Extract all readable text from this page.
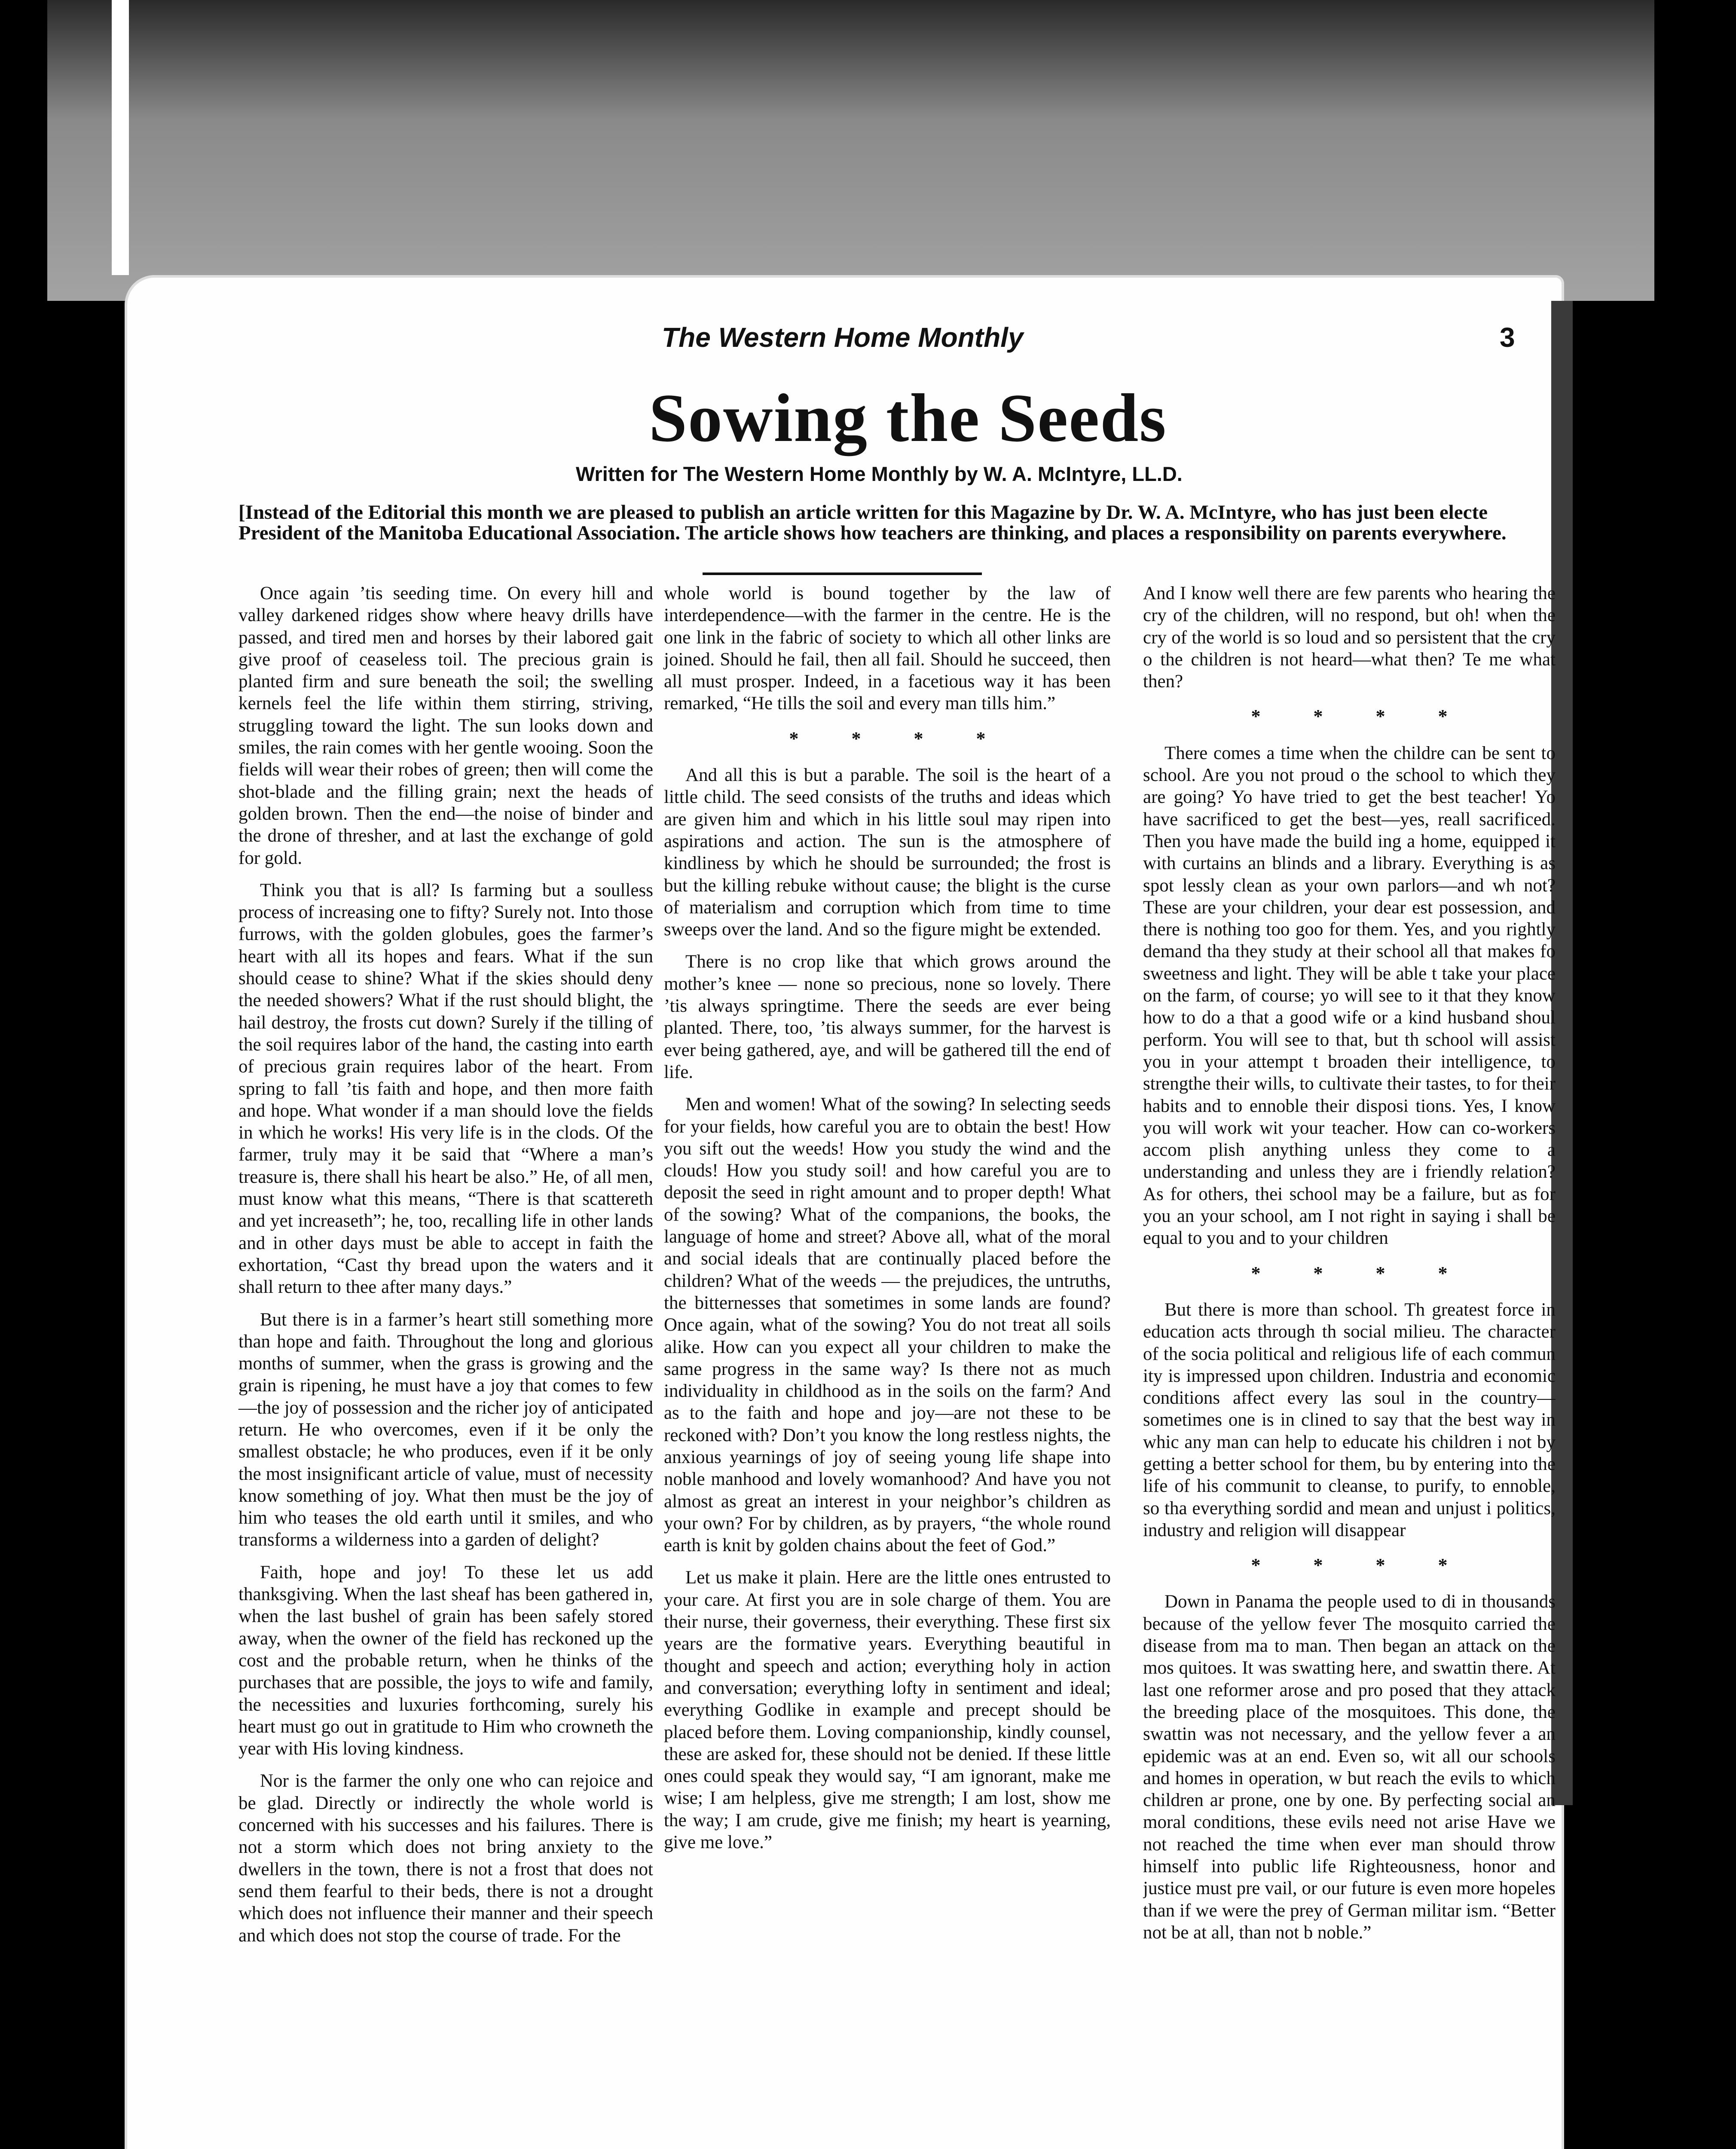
The Western Home Monthly	3
Sowing the Seeds
Written for The Western Home Monthly by W. A. McIntyre, LL.D.
[Instead of the Editorial this month we are pleased to publish an article written for this Magazine by Dr. W. A. McIntyre, who has just been electe
President of the Manitoba Educational Association. The article shows how teachers are thinking, and places a responsibility on parents everywhere.

Once again ’tis seeding time. On every hill and valley darkened ridges show where heavy drills have passed, and tired men and horses by their labored gait give proof of ceaseless toil. The precious grain is planted firm and sure beneath the soil; the swelling kernels feel the life within them stirring, striving, struggling toward the light. The sun looks down and smiles, the rain comes with her gentle wooing. Soon the fields will wear their robes of green; then will come the shot-blade and the filling grain; next the heads of golden brown. Then the end—the noise of binder and the drone of thresher, and at last the exchange of gold for gold.

Think you that is all? Is farming but a soulless process of increasing one to fifty? Surely not. Into those furrows, with the golden globules, goes the farmer’s heart with all its hopes and fears. What if the sun should cease to shine? What if the skies should deny the needed showers? What if the rust should blight, the hail destroy, the frosts cut down? Surely if the tilling of the soil requires labor of the hand, the casting into earth of precious grain requires labor of the heart. From spring to fall ’tis faith and hope, and then more faith and hope. What wonder if a man should love the fields in which he works! His very life is in the clods. Of the farmer, truly may it be said that “Where a man’s treasure is, there shall his heart be also.” He, of all men, must know what this means, “There is that scattereth and yet increaseth”; he, too, recalling life in other lands and in other days must be able to accept in faith the exhortation, “Cast thy bread upon the waters and it shall return to thee after many days.”

But there is in a farmer’s heart still something more than hope and faith. Throughout the long and glorious months of summer, when the grass is growing and the grain is ripening, he must have a joy that comes to few—the joy of possession and the richer joy of anticipated return. He who overcomes, even if it be only the smallest obstacle; he who produces, even if it be only the most insignificant article of value, must of necessity know something of joy. What then must be the joy of him who teases the old earth until it smiles, and who transforms a wilderness into a garden of delight?

Faith, hope and joy! To these let us add thanksgiving. When the last sheaf has been gathered in, when the last bushel of grain has been safely stored away, when the owner of the field has reckoned up the cost and the probable return, when he thinks of the purchases that are possible, the joys to wife and family, the necessities and luxuries forthcoming, surely his heart must go out in gratitude to Him who crowneth the year with His loving kindness.

Nor is the farmer the only one who can rejoice and be glad. Directly or indirectly the whole world is concerned with his successes and his failures. There is not a storm which does not bring anxiety to the dwellers in the town, there is not a frost that does not send them fearful to their beds, there is not a drought which does not influence their manner and their speech and which does not stop the course of trade. For the

whole world is bound together by the law of interdependence—with the farmer in the centre. He is the one link in the fabric of society to which all other links are joined. Should he fail, then all fail. Should he succeed, then all must prosper. Indeed, in a facetious way it has been remarked, “He tills the soil and every man tills him.”

* * * *

And all this is but a parable. The soil is the heart of a little child. The seed consists of the truths and ideas which are given him and which in his little soul may ripen into aspirations and action. The sun is the atmosphere of kindliness by which he should be surrounded; the frost is but the killing rebuke without cause; the blight is the curse of materialism and corruption which from time to time sweeps over the land. And so the figure might be extended.

There is no crop like that which grows around the mother’s knee — none so precious, none so lovely. There ’tis always springtime. There the seeds are ever being planted. There, too, ’tis always summer, for the harvest is ever being gathered, aye, and will be gathered till the end of life.

Men and women! What of the sowing? In selecting seeds for your fields, how careful you are to obtain the best! How you sift out the weeds! How you study the wind and the clouds! How you study soil! and how careful you are to deposit the seed in right amount and to proper depth! What of the sowing? What of the companions, the books, the language of home and street? Above all, what of the moral and social ideals that are continually placed before the children? What of the weeds — the prejudices, the untruths, the bitternesses that sometimes in some lands are found? Once again, what of the sowing? You do not treat all soils alike. How can you expect all your children to make the same progress in the same way? Is there not as much individuality in childhood as in the soils on the farm? And as to the faith and hope and joy—are not these to be reckoned with? Don’t you know the long restless nights, the anxious yearnings of joy of seeing young life shape into noble manhood and lovely womanhood? And have you not almost as great an interest in your neighbor’s children as your own? For by children, as by prayers, “the whole round earth is knit by golden chains about the feet of God.”

Let us make it plain. Here are the little ones entrusted to your care. At first you are in sole charge of them. You are their nurse, their governess, their everything. These first six years are the formative years. Everything beautiful in thought and speech and action; everything holy in action and conversation; everything lofty in sentiment and ideal; everything Godlike in example and precept should be placed before them. Loving companionship, kindly counsel, these are asked for, these should not be denied. If these little ones could speak they would say, “I am ignorant, make me wise; I am helpless, give me strength; I am lost, show me the way; I am crude, give me finish; my heart is yearning, give me love.”

And I know well there are few parents who hearing the cry of the children, will no respond, but oh! when the cry of the world is so loud and so persistent that the cry o the children is not heard—what then? Te me what then?

* * * *

There comes a time when the childre can be sent to school. Are you not proud o the school to which they are going? Yo have tried to get the best teacher! Yo have sacrificed to get the best—yes, reall sacrificed. Then you have made the build ing a home, equipped it with curtains an blinds and a library. Everything is as spot lessly clean as your own parlors—and wh not? These are your children, your dear est possession, and there is nothing too goo for them. Yes, and you rightly demand tha they study at their school all that makes fo sweetness and light. They will be able t take your place on the farm, of course; yo will see to it that they know how to do a that a good wife or a kind husband shoul perform. You will see to that, but th school will assist you in your attempt t broaden their intelligence, to strengthe their wills, to cultivate their tastes, to for their habits and to ennoble their disposi tions. Yes, I know you will work wit your teacher. How can co-workers accom plish anything unless they come to a understanding and unless they are i friendly relation? As for others, thei school may be a failure, but as for you an your school, am I not right in saying i shall be equal to you and to your children

* * * *

But there is more than school. Th greatest force in education acts through th social milieu. The character of the socia political and religious life of each commun ity is impressed upon children. Industria and economic conditions affect every las soul in the country—sometimes one is in clined to say that the best way in whic any man can help to educate his children i not by getting a better school for them, bu by entering into the life of his communit to cleanse, to purify, to ennoble, so tha everything sordid and mean and unjust i politics, industry and religion will disappear

* * * *

Down in Panama the people used to di in thousands because of the yellow fever The mosquito carried the disease from ma to man. Then began an attack on the mos quitoes. It was swatting here, and swattin there. At last one reformer arose and pro posed that they attack the breeding place of the mosquitoes. This done, the swattin was not necessary, and the yellow fever a an epidemic was at an end. Even so, wit all our schools and homes in operation, w but reach the evils to which children ar prone, one by one. By perfecting social an moral conditions, these evils need not arise Have we not reached the time when ever man should throw himself into public life Righteousness, honor and justice must pre vail, or our future is even more hopeles than if we were the prey of German militar ism. “Better not be at all, than not b noble.”
